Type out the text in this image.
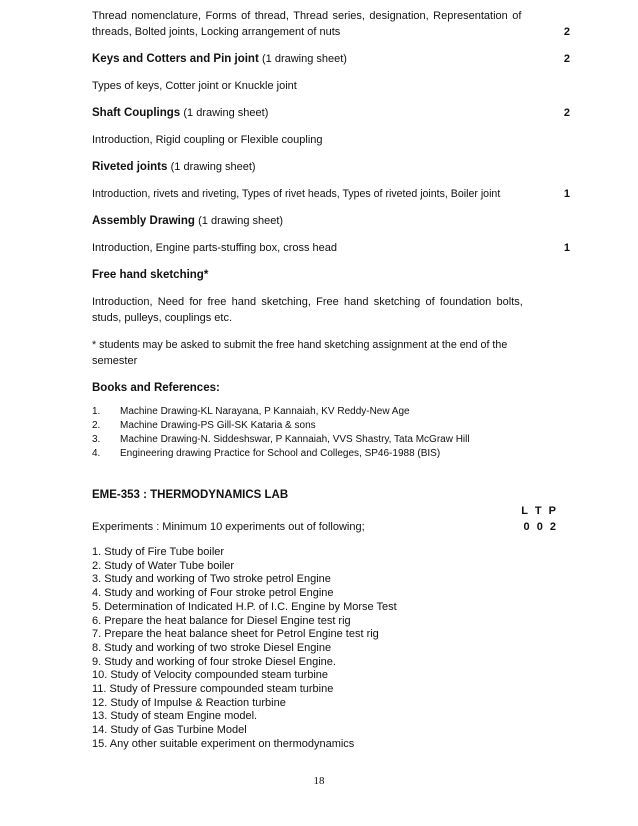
Thread nomenclature, Forms of thread, Thread series, designation, Representation of
threads, Bolted joints, Locking arrangement of nuts	2
Keys and Cotters and Pin joint (1 drawing sheet)	2
Types of keys, Cotter joint or Knuckle joint
Shaft Couplings (1 drawing sheet)	2
Introduction, Rigid coupling or Flexible coupling
Riveted joints (1 drawing sheet)
Introduction, rivets and riveting, Types of rivet heads, Types of riveted joints, Boiler joint	1
Assembly Drawing (1 drawing sheet)
Introduction, Engine parts-stuffing box, cross head	1
Free hand sketching*
Introduction, Need for free hand sketching, Free hand sketching of foundation bolts,
studs, pulleys, couplings etc.
* students may be asked to submit the free hand sketching assignment at the end of the
semester
Books and References:
1.	Machine Drawing-KL Narayana, P Kannaiah, KV Reddy-New Age
2.	Machine Drawing-PS Gill-SK Kataria & sons
3.	Machine Drawing-N. Siddeshswar, P Kannaiah, VVS Shastry, Tata McGraw Hill
4.	Engineering drawing Practice for School and Colleges, SP46-1988 (BIS)
EME-353 : THERMODYNAMICS LAB
L T P
0 0 2
Experiments : Minimum 10 experiments out of following;
1. Study of Fire Tube boiler
2. Study of Water Tube boiler
3. Study and working of Two stroke petrol Engine
4. Study and working of Four stroke petrol Engine
5. Determination of Indicated H.P. of I.C. Engine by Morse Test
6. Prepare the heat balance for Diesel Engine test rig
7. Prepare the heat balance sheet for Petrol Engine test rig
8. Study and working of two stroke Diesel Engine
9. Study and working of four stroke Diesel Engine.
10. Study of Velocity compounded steam turbine
11. Study of Pressure compounded steam turbine
12. Study of Impulse & Reaction turbine
13. Study of steam Engine model.
14. Study of Gas Turbine Model
15. Any other suitable experiment on thermodynamics
18
